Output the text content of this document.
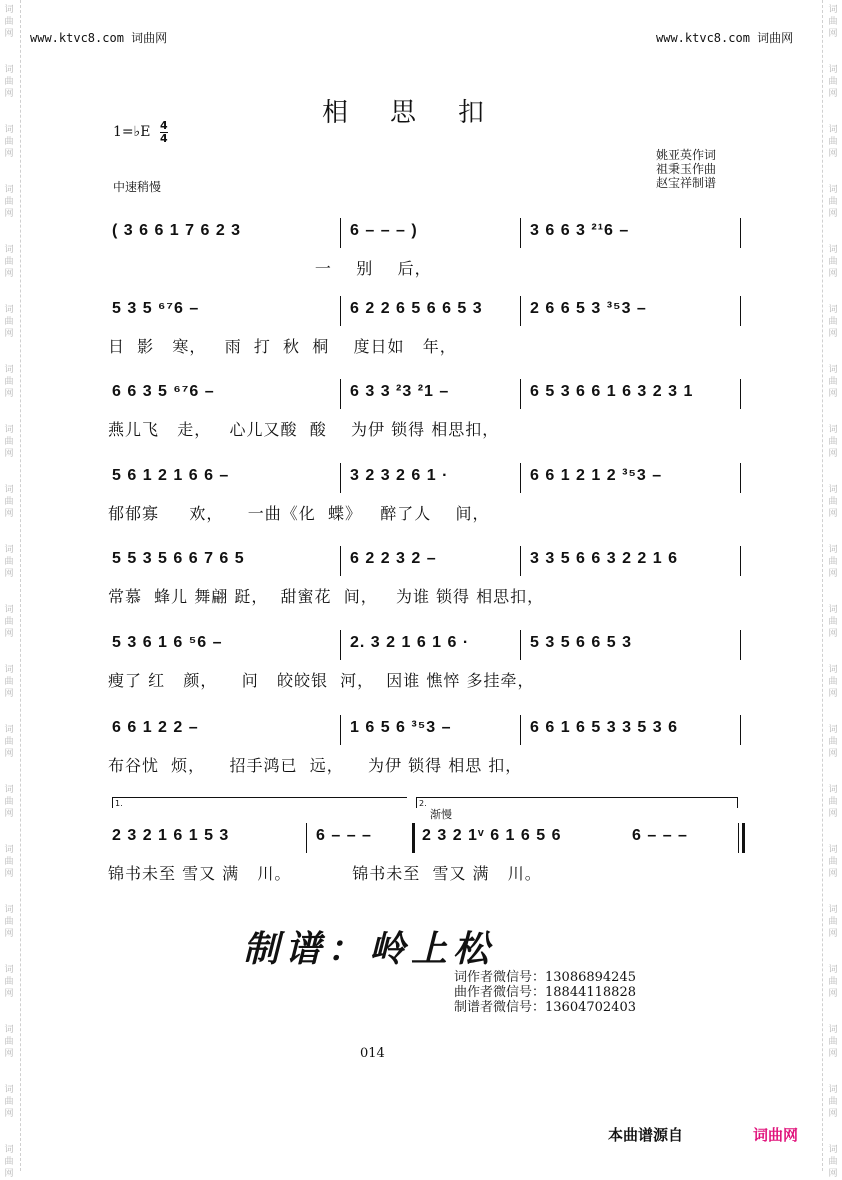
词
曲
网
词
曲
网
词
曲
网
词
曲
网
词
曲
网
词
曲
网
词
曲
网
词
曲
网
词
曲
网
词
曲
网
词
曲
网
词
曲
网
词
曲
网
词
曲
网
词
曲
网
词
曲
网
词
曲
网
词
曲
网
词
曲
网
词
曲
网
词
曲
网
词
曲
网
词
曲
网
词
曲
网
词
曲
网
词
曲
网
词
曲
网
词
曲
网
词
曲
网
词
曲
网
词
曲
网
词
曲
网
词
曲
网
词
曲
网
词
曲
网
词
曲
网
词
曲
网
词
曲
网
词
曲
网
词
曲
网
www.ktvc8.com 词曲网	www.ktvc8.com 词曲网
相思扣
1=♭E 4
4
中速稍慢
姚亚英作词
祖秉玉作曲
赵宝祥制谱
( 3 6 6 1 7 6 2 3	6 – – – )	3 6 6 3 ²¹6 –
一    别    后，
5 3 5 ⁶⁷6 –	6 2 2 6 5 6 6 5 3	2 6 6 5 3 ³⁵3 –
日  影   寒，   雨  打  秋  桐    度日如   年，
6 6 3 5 ⁶⁷6 –	6 3 3 ²3 ²1 –	6 5 3 6 6 1 6 3 2 3 1
燕儿飞   走，   心儿又酸  酸    为伊 锁得 相思扣，
5 6 1 2 1 6 6 –	3 2 3 2 6 1 ·	6 6 1 2 1 2 ³⁵3 –
郁郁寡     欢，    一曲《化  蝶》   醉了人    间，
5 5 3 5 6 6 7 6 5	6 2 2 3 2 –	3 3 5 6 6 3 2 2 1 6
常慕  蜂儿 舞翩 跹，  甜蜜花  间，   为谁 锁得 相思扣，
5 3 6 1 6 ⁵6 –	2. 3 2 1 6 1 6 ·	5 3 5 6 6 5 3
瘦了 红   颜，    问   皎皎银  河，  因谁 憔悴 多挂牵，
6 6 1 2 2 –	1 6 5 6 ³⁵3 –	6 6 1 6 5 3 3 5 3 6
布谷忧  烦，    招手鸿已  远，    为伊 锁得 相思 扣，
2 3 2 1 6 1 5 3	6 – – –	2 3 2 1ᵛ 6 1 6 5 6	6 – – –
锦书未至 雪又 满   川。          锦书未至  雪又 满   川。
1.	2.
渐慢
制谱：岭上松
词作者微信号：13086894245
曲作者微信号：18844118828
制谱者微信号：13604702403
014
本曲谱源自	词曲网
